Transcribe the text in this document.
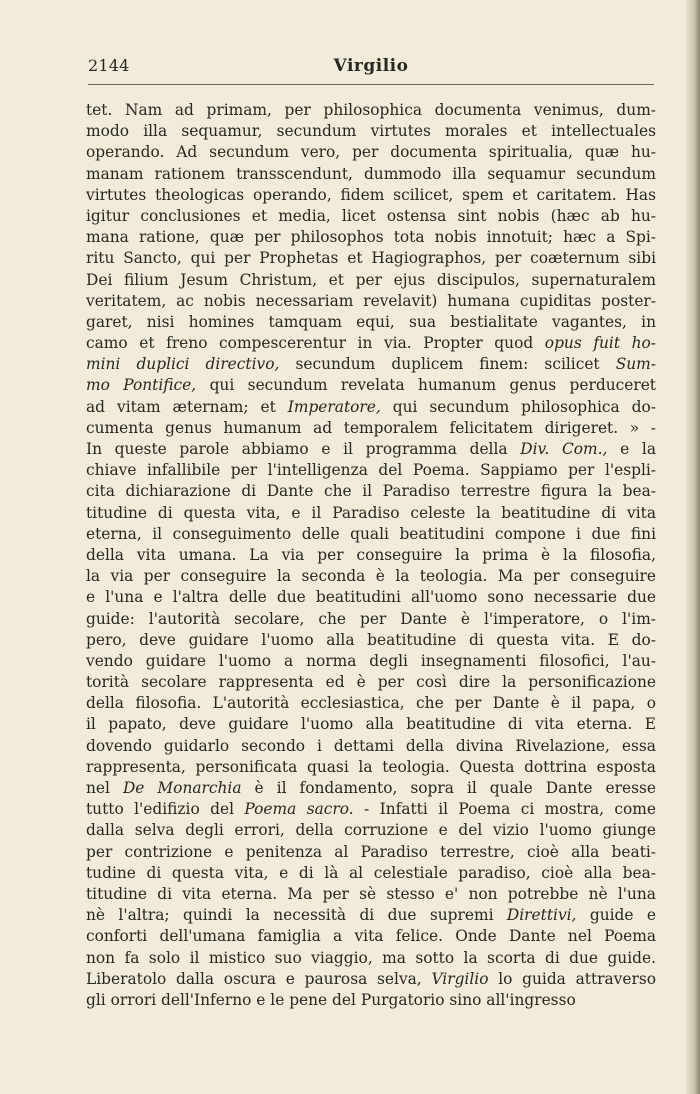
2144	Virgilio
tet. Nam ad primam, per philosophica documenta venimus, dum-
modo illa sequamur, secundum virtutes morales et intellectuales
operando. Ad secundum vero, per documenta spiritualia, quæ hu-
manam rationem transscendunt, dummodo illa sequamur secundum
virtutes theologicas operando, fidem scilicet, spem et caritatem. Has
igitur conclusiones et media, licet ostensa sint nobis (hæc ab hu-
mana ratione, quæ per philosophos tota nobis innotuit; hæc a Spi-
ritu Sancto, qui per Prophetas et Hagiographos, per coæternum sibi
Dei filium Jesum Christum, et per ejus discipulos, supernaturalem
veritatem, ac nobis necessariam revelavit) humana cupiditas poster-
garet, nisi homines tamquam equi, sua bestialitate vagantes, in
camo et freno compescerentur in via. Propter quod opus fuit ho-
mini duplici directivo, secundum duplicem finem: scilicet Sum-
mo Pontifice, qui secundum revelata humanum genus perduceret
ad vitam æternam; et Imperatore, qui secundum philosophica do-
cumenta genus humanum ad temporalem felicitatem dirigeret. » -
In queste parole abbiamo e il programma della Div. Com., e la
chiave infallibile per l'intelligenza del Poema. Sappiamo per l'espli-
cita dichiarazione di Dante che il Paradiso terrestre figura la bea-
titudine di questa vita, e il Paradiso celeste la beatitudine di vita
eterna, il conseguimento delle quali beatitudini compone i due fini
della vita umana. La via per conseguire la prima è la filosofia,
la via per conseguire la seconda è la teologia. Ma per conseguire
e l'una e l'altra delle due beatitudini all'uomo sono necessarie due
guide: l'autorità secolare, che per Dante è l'imperatore, o l'im-
pero, deve guidare l'uomo alla beatitudine di questa vita. E do-
vendo guidare l'uomo a norma degli insegnamenti filosofici, l'au-
torità secolare rappresenta ed è per così dire la personificazione
della filosofia. L'autorità ecclesiastica, che per Dante è il papa, o
il papato, deve guidare l'uomo alla beatitudine di vita eterna. E
dovendo guidarlo secondo i dettami della divina Rivelazione, essa
rappresenta, personificata quasi la teologia. Questa dottrina esposta
nel De Monarchia è il fondamento, sopra il quale Dante eresse
tutto l'edifizio del Poema sacro. - Infatti il Poema ci mostra, come
dalla selva degli errori, della corruzione e del vizio l'uomo giunge
per contrizione e penitenza al Paradiso terrestre, cioè alla beati-
tudine di questa vita, e di là al celestiale paradiso, cioè alla bea-
titudine di vita eterna. Ma per sè stesso e' non potrebbe nè l'una
nè l'altra; quindi la necessità di due supremi Direttivi, guide e
conforti dell'umana famiglia a vita felice. Onde Dante nel Poema
non fa solo il mistico suo viaggio, ma sotto la scorta di due guide.
Liberatolo dalla oscura e paurosa selva, Virgilio lo guida attraverso
gli orrori dell'Inferno e le pene del Purgatorio sino all'ingresso
